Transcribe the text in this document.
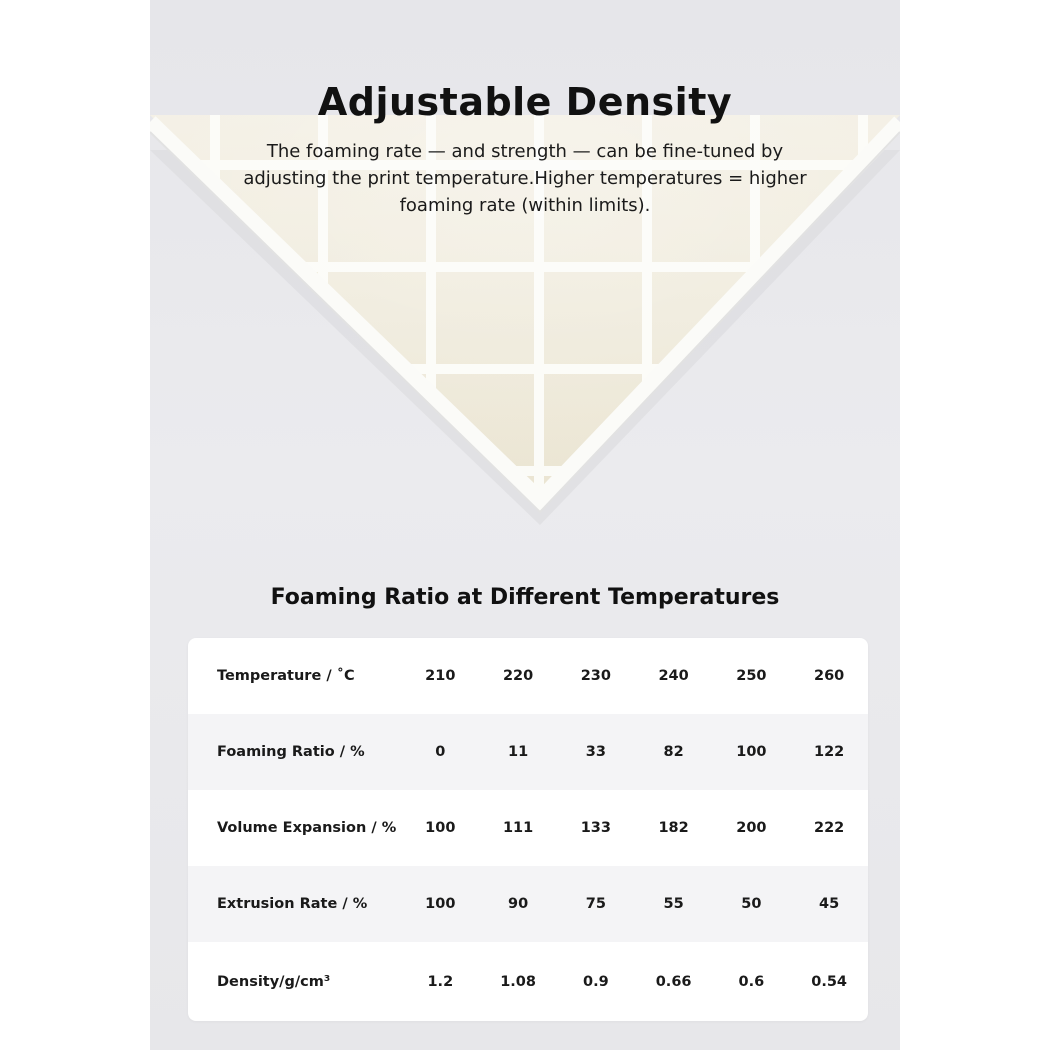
Adjustable Density

The foaming rate — and strength — can be fine-tuned by adjusting the print temperature.Higher temperatures = higher foaming rate (within limits).

Foaming Ratio at Different Temperatures
Temperature / ˚C	210	220	230	240	250	260
Foaming Ratio / %	0	11	33	82	100	122
Volume Expansion / %	100	111	133	182	200	222
Extrusion Rate / %	100	90	75	55	50	45
Density/g/cm³	1.2	1.08	0.9	0.66	0.6	0.54
